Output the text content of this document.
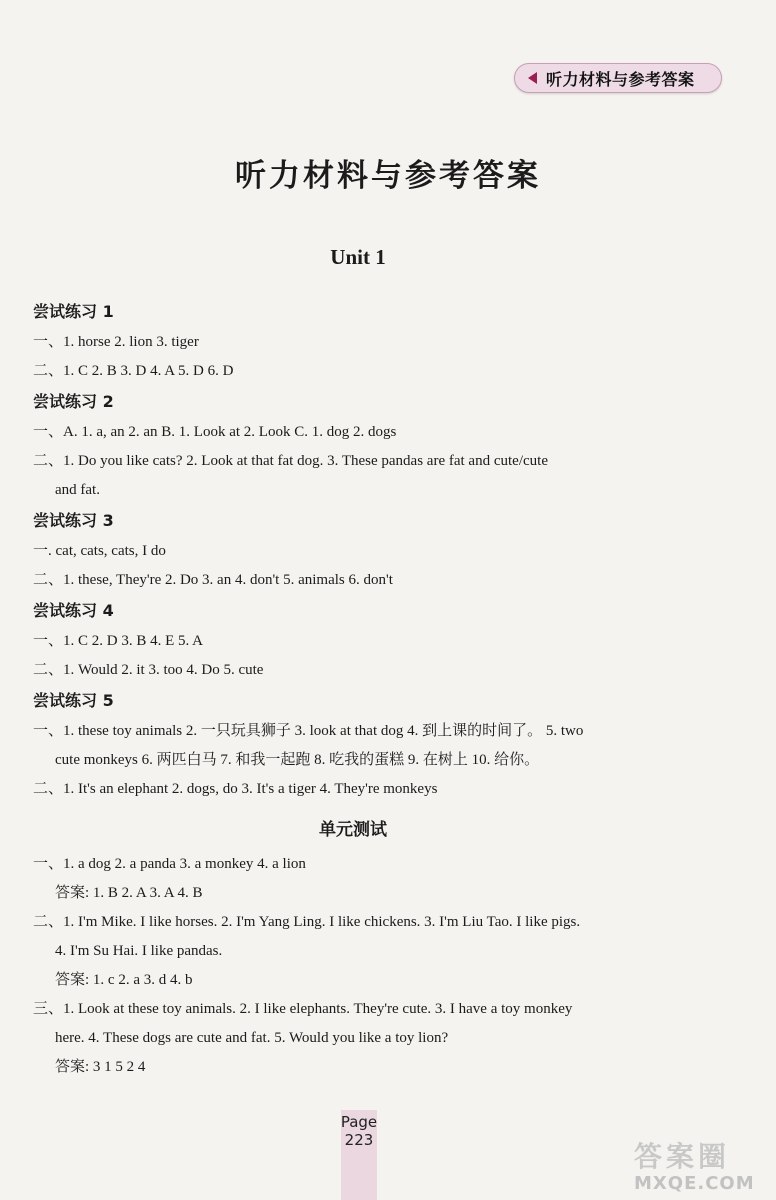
听力材料与参考答案
听力材料与参考答案
Unit 1
尝试练习 1
一、1. horse 2. lion 3. tiger
二、1. C 2. B 3. D 4. A 5. D 6. D
尝试练习 2
一、A. 1. a, an 2. an B. 1. Look at 2. Look C. 1. dog 2. dogs
二、1. Do you like cats? 2. Look at that fat dog. 3. These pandas are fat and cute/cute
and fat.
尝试练习 3
一. cat, cats, cats, I do
二、1. these, They're 2. Do 3. an 4. don't 5. animals 6. don't
尝试练习 4
一、1. C 2. D 3. B 4. E 5. A
二、1. Would 2. it 3. too 4. Do 5. cute
尝试练习 5
一、1. these toy animals 2. 一只玩具狮子 3. look at that dog 4. 到上课的时间了。 5. two
cute monkeys 6. 两匹白马 7. 和我一起跑 8. 吃我的蛋糕 9. 在树上 10. 给你。
二、1. It's an elephant 2. dogs, do 3. It's a tiger 4. They're monkeys
单元测试
一、1. a dog 2. a panda 3. a monkey 4. a lion
答案: 1. B 2. A 3. A 4. B
二、1. I'm Mike. I like horses. 2. I'm Yang Ling. I like chickens. 3. I'm Liu Tao. I like pigs.
4. I'm Su Hai. I like pandas.
答案: 1. c 2. a 3. d 4. b
三、1. Look at these toy animals. 2. I like elephants. They're cute. 3. I have a toy monkey
here. 4. These dogs are cute and fat. 5. Would you like a toy lion?
答案: 3 1 5 2 4
Page
223	答案圈
MXQE.COM
